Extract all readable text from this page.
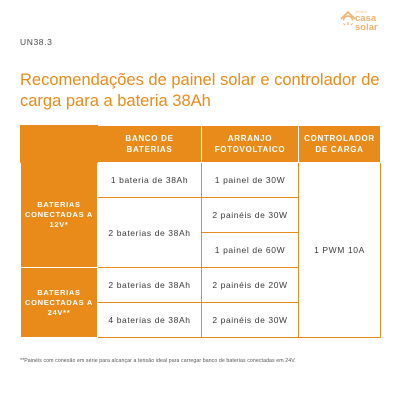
UN38.3
minha
casa
solar
Recomendações de painel solar e controlador de carga para a bateria 38Ah
	BANCO DE BATERIAS	ARRANJO FOTOVOLTAICO	CONTROLADOR DE CARGA
BATERIAS CONECTADAS A 12V*	1 bateria de 38Ah	1 painel de 30W	1 PWM 10A
	2 baterias de 38Ah	2 painéis de 30W	
		1 painel de 60W	
BATERIAS CONECTADAS A 24V**	2 baterias de 38Ah	2 painéis de 20W	
	4 baterias de 38Ah	2 painéis de 30W	

**Painéis com conexão em série para alcançar a tensão ideal para carregar banco de baterias conectadas em 24V.
